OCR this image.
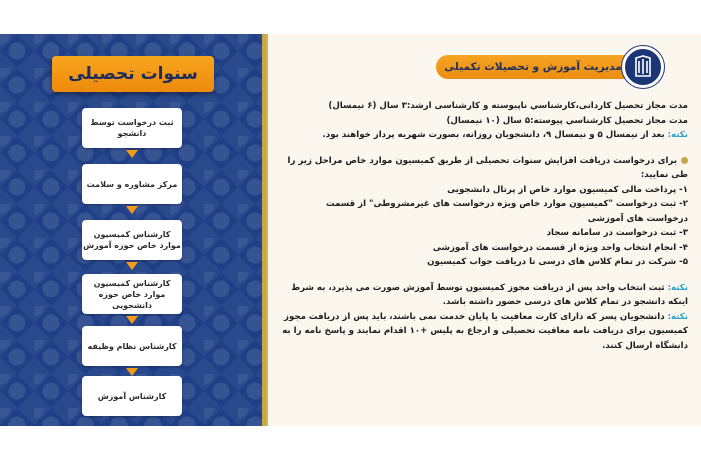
سنوات تحصیلی
ثبت درخواست توسط دانشجو
مرکز مشاوره و سلامت
کارشناس کمیسیون موارد خاص حوزه آموزش
کارشناس کمیسیون موارد خاص حوزه دانشجویی
کارشناس نظام وظیفه
کارشناس آموزش
مدیریت آموزش و تحصیلات تکمیلی

مدت مجاز تحصیل کاردانی،کارشناسي ناپیوسته و کارشناسی ارشد:۳ سال (۶ نیمسال)

مدت مجاز تحصیل کارشناسي پیوسته:۵ سال (۱۰ نیمسال)

نکته: بعد از نیمسال ۵ و نیمسال ۹، دانشجویان روزانه، بصورت شهریه پرداز خواهند بود.

برای درخواست دریافت افزایش سنوات تحصیلی از طریق کمیسیون موارد خاص مراحل زیر را طی نمایید:

۱- پرداخت مالی کمیسیون موارد خاص از پرتال دانشجویی

۲- ثبت درخواست "کمیسیون موارد خاص ویژه درخواست های غیرمشروطی" از قسمت درخواست های آموزشی

۳- ثبت درخواست در سامانه سجاد

۴- انجام انتخاب واحد ویژه از قسمت درخواست های آموزشی

۵- شرکت در تمام کلاس های درسی تا دریافت جواب کمیسیون

نکته: ثبت انتخاب واحد پس از دریافت مجوز کمیسیون توسط آموزش صورت می پذیرد، به شرط اینکه دانشجو در تمام کلاس های درسی حضور داشته باشد.

نکته: دانشجویان پسر که دارای کارت معافیت یا پایان خدمت نمی باشند، باید پس از دریافت مجوز کمیسیون برای دریافت نامه معافیت تحصیلی و ارجاع به پلیس +۱۰ اقدام نمایند و پاسخ نامه را به دانشگاه ارسال کنند.
